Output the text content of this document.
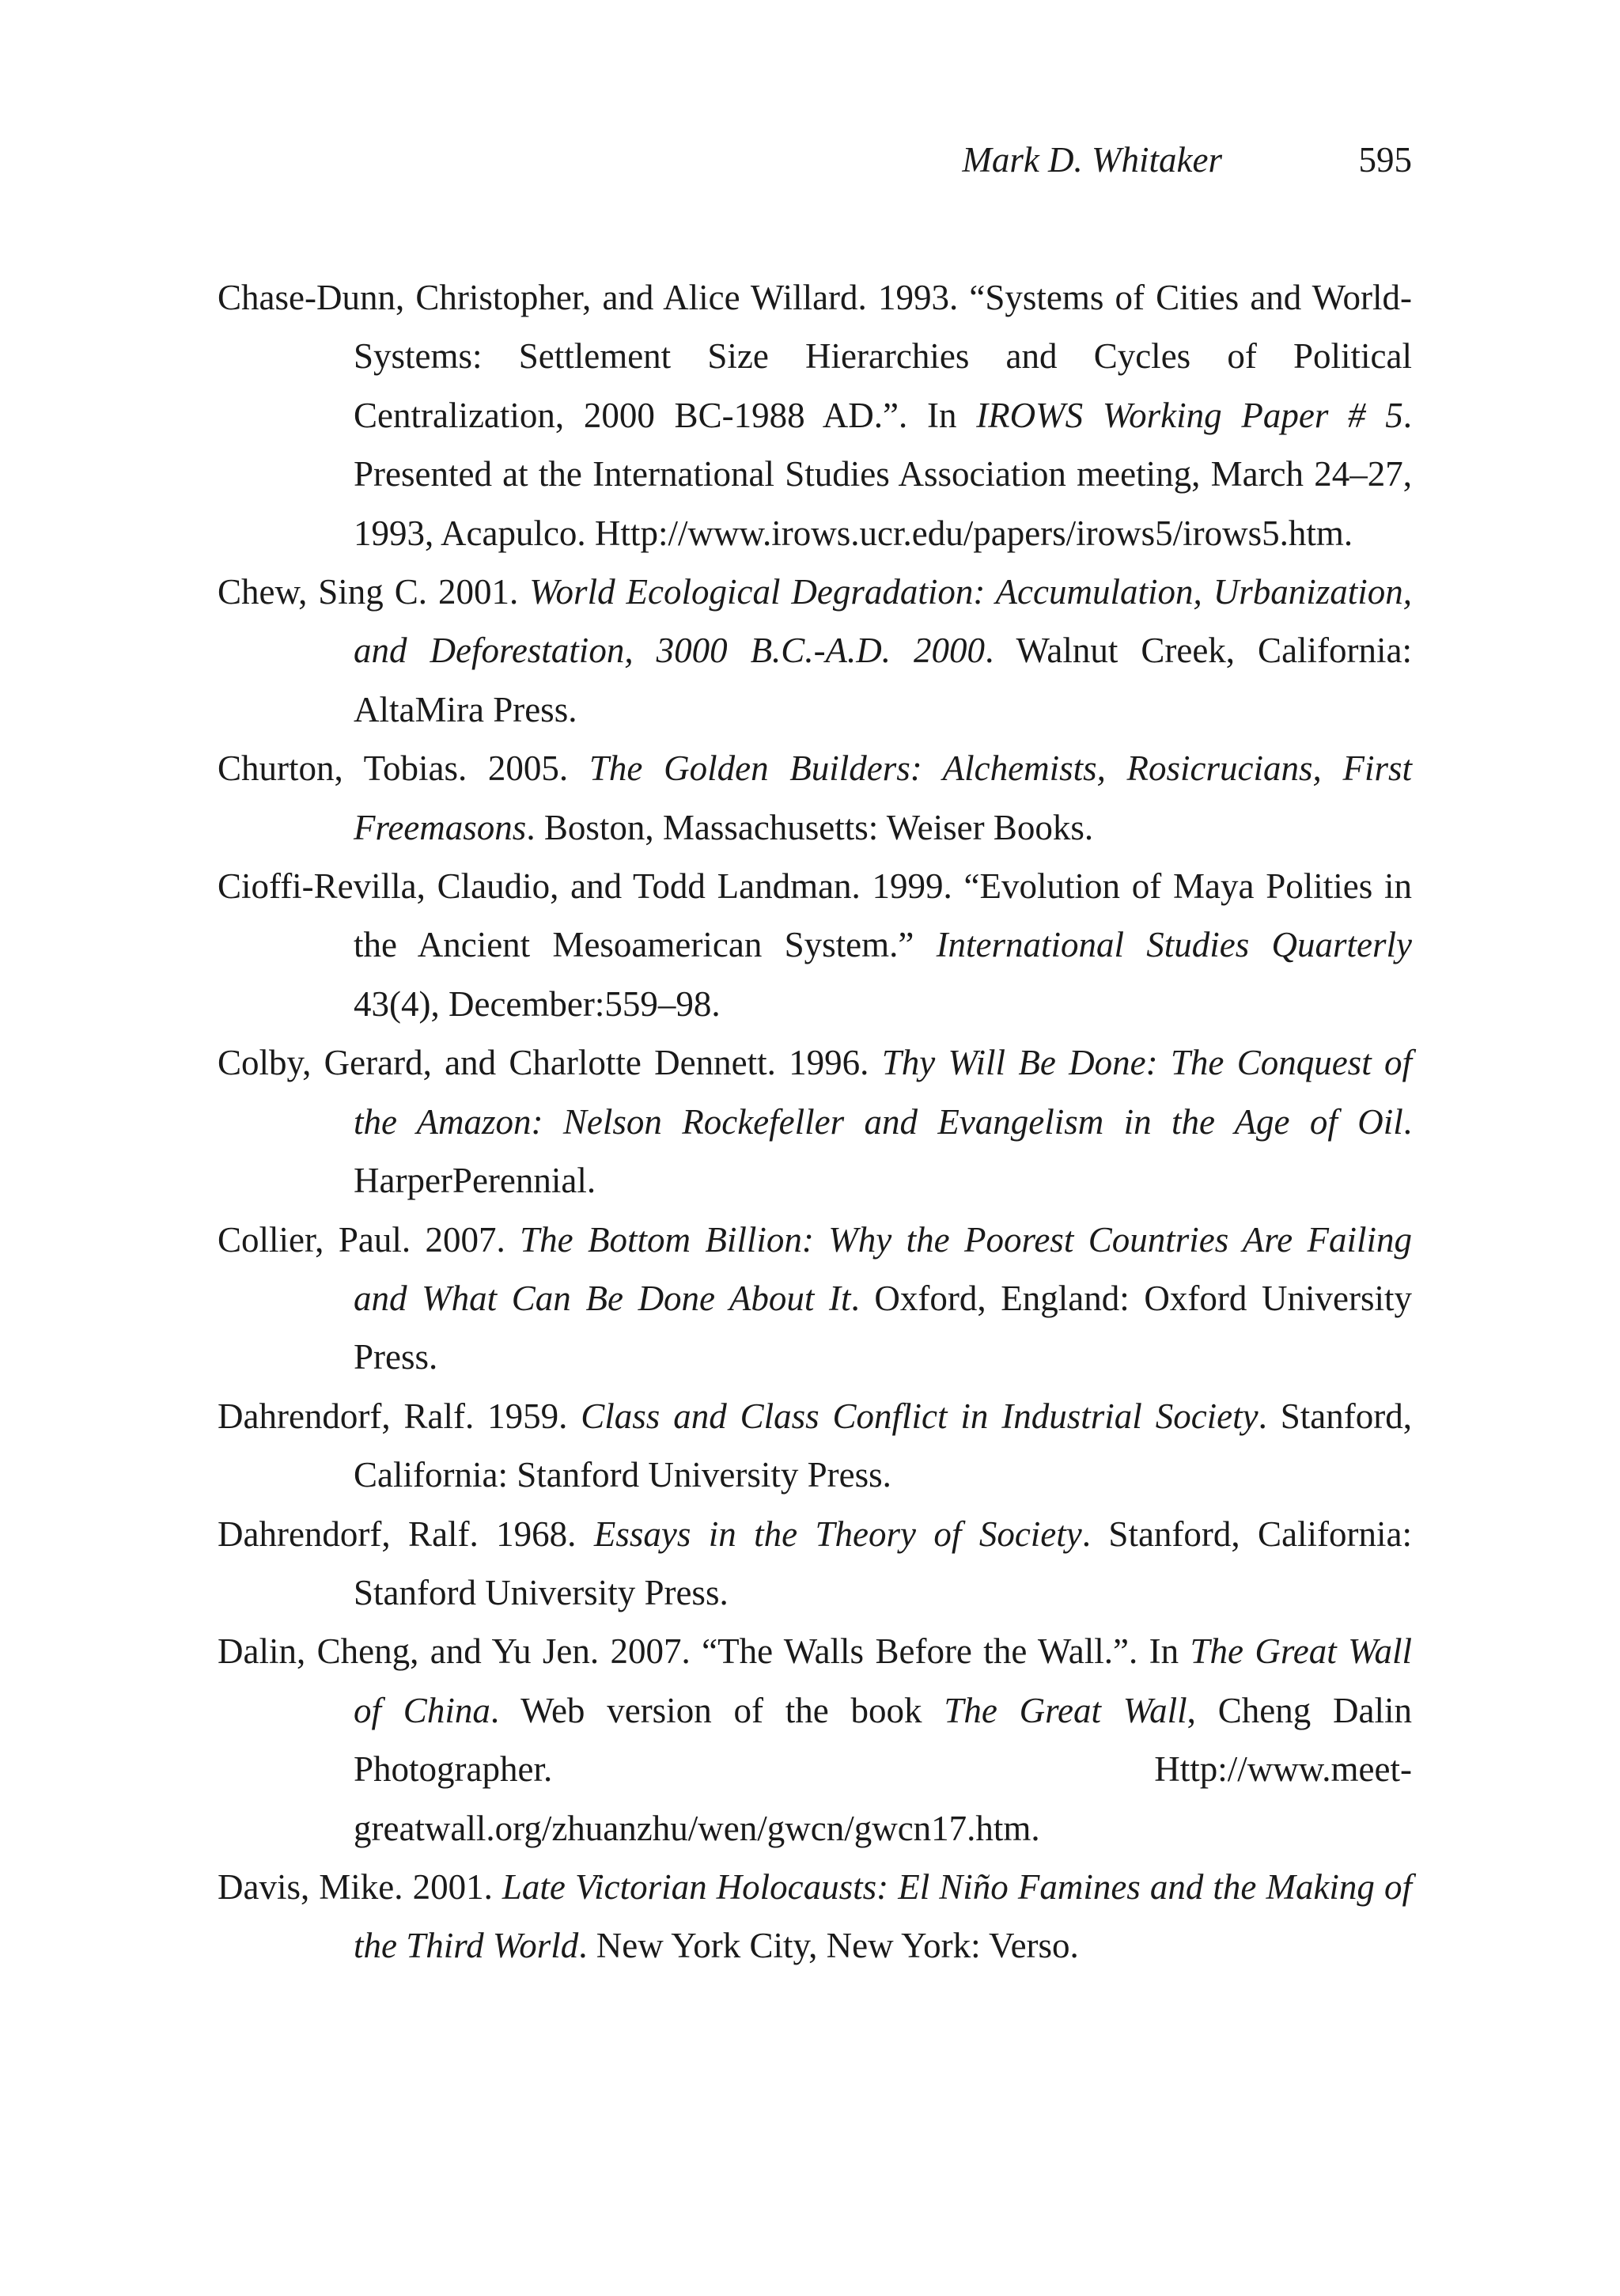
Mark D. Whitaker	595

Chase-Dunn, Christopher, and Alice Willard. 1993. “Systems of Cities and World-Systems: Settlement Size Hierarchies and Cycles of Political Centralization, 2000 BC-1988 AD.”. In IROWS Working Paper # 5. Presented at the International Studies Association meeting, March 24–27, 1993, Acapulco. Http://www.irows.ucr.edu/papers/irows5/irows5.htm.

Chew, Sing C. 2001. World Ecological Degradation: Accumulation, Urbanization, and Deforestation, 3000 B.C.-A.D. 2000. Walnut Creek, California: AltaMira Press.

Churton, Tobias. 2005. The Golden Builders: Alchemists, Rosicrucians, First Freemasons. Boston, Massachusetts: Weiser Books.

Cioffi-Revilla, Claudio, and Todd Landman. 1999. “Evolution of Maya Polities in the Ancient Mesoamerican System.” International Studies Quarterly 43(4), December:559–98.

Colby, Gerard, and Charlotte Dennett. 1996. Thy Will Be Done: The Conquest of the Amazon: Nelson Rockefeller and Evangelism in the Age of Oil. HarperPerennial.

Collier, Paul. 2007. The Bottom Billion: Why the Poorest Countries Are Failing and What Can Be Done About It. Oxford, England: Oxford University Press.

Dahrendorf, Ralf. 1959. Class and Class Conflict in Industrial Society. Stanford, California: Stanford University Press.

Dahrendorf, Ralf. 1968. Essays in the Theory of Society. Stanford, California: Stanford University Press.

Dalin, Cheng, and Yu Jen. 2007. “The Walls Before the Wall.”. In The Great Wall of China. Web version of the book The Great Wall, Cheng Dalin Photographer. Http://www.meet-greatwall.org/zhuanzhu/wen/gwcn/gwcn17.htm.

Davis, Mike. 2001. Late Victorian Holocausts: El Niño Famines and the Making of the Third World. New York City, New York: Verso.
